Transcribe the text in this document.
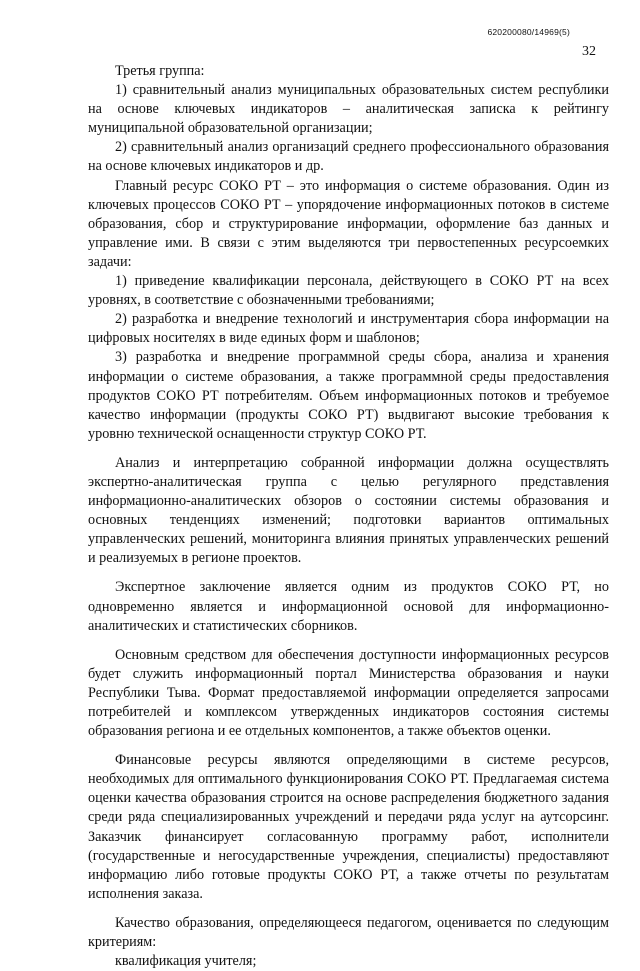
620200080/14969(5)
32

Третья группа:

1) сравнительный анализ муниципальных образовательных систем республики на основе ключевых индикаторов – аналитическая записка к рейтингу муниципальной образовательной организации;

2) сравнительный анализ организаций среднего профессионального образования на основе ключевых индикаторов и др.

Главный ресурс СОКО РТ – это информация о системе образования. Один из ключевых процессов СОКО РТ – упорядочение информационных потоков в системе образования, сбор и структурирование информации, оформление баз данных и управление ими. В связи с этим выделяются три первостепенных ресурсоемких задачи:

1) приведение квалификации персонала, действующего в СОКО РТ на всех уровнях, в соответствие с обозначенными требованиями;

2) разработка и внедрение технологий и инструментария сбора информации на цифровых носителях в виде единых форм и шаблонов;

3) разработка и внедрение программной среды сбора, анализа и хранения информации о системе образования, а также программной среды предоставления продуктов СОКО РТ потребителям. Объем информационных потоков и требуемое качество информации (продукты СОКО РТ) выдвигают высокие требования к уровню технической оснащенности структур СОКО РТ.

Анализ и интерпретацию собранной информации должна осуществлять экспертно-аналитическая группа с целью регулярного представления информационно-аналитических обзоров о состоянии системы образования и основных тенденциях изменений; подготовки вариантов оптимальных управленческих решений, мониторинга влияния принятых управленческих решений и реализуемых в регионе проектов.

Экспертное заключение является одним из продуктов СОКО РТ, но одновременно является и информационной основой для информационно-аналитических и статистических сборников.

Основным средством для обеспечения доступности информационных ресурсов будет служить информационный портал Министерства образования и науки Республики Тыва. Формат предоставляемой информации определяется запросами потребителей и комплексом утвержденных индикаторов состояния системы образования региона и ее отдельных компонентов, а также объектов оценки.

Финансовые ресурсы являются определяющими в системе ресурсов, необходимых для оптимального функционирования СОКО РТ. Предлагаемая система оценки качества образования строится на основе распределения бюджетного задания среди ряда специализированных учреждений и передачи ряда услуг на аутсорсинг. Заказчик финансирует согласованную программу работ, исполнители (государственные и негосударственные учреждения, специалисты) предоставляют информацию либо готовые продукты СОКО РТ, а также отчеты по результатам исполнения заказа.

Качество образования, определяющееся педагогом, оценивается по следующим критериям:

квалификация учителя;
